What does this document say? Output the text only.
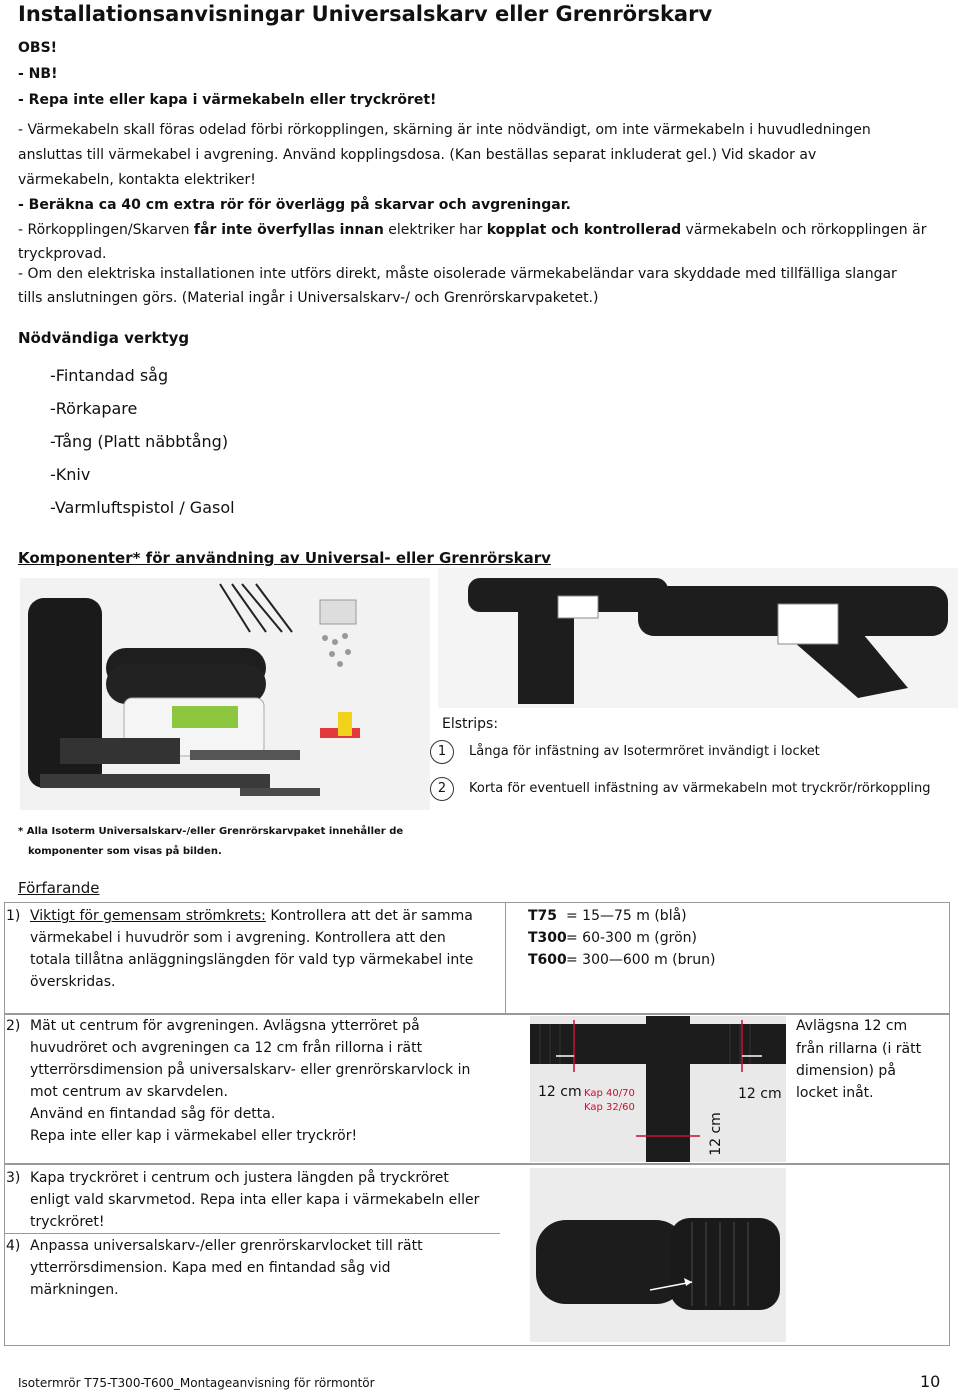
Installationsanvisningar Universalskarv eller Grenrörskarv
OBS!
- NB!
- Repa inte eller kapa i värmekabeln eller tryckröret!
- Värmekabeln skall föras odelad förbi rörkopplingen, skärning är inte nödvändigt, om inte värmekabeln i huvudledningen
ansluttas till värmekabel i avgrening. Använd kopplingsdosa. (Kan beställas separat inkluderat gel.) Vid skador av
värmekabeln, kontakta elektriker!
- Beräkna ca 40 cm extra rör för överlägg på skarvar och avgreningar.
- Rörkopplingen/Skarven får inte överfyllas innan elektriker har kopplat och kontrollerad värmekabeln och rörkopplingen är
tryckprovad.
- Om den elektriska installationen inte utförs direkt, måste oisolerade värmekabeländar vara skyddade med tillfälliga slangar
tills anslutningen görs. (Material ingår i Universalskarv-/ och Grenrörskarvpaketet.)
Nödvändiga verktyg
-Fintandad såg
-Rörkapare
-Tång (Platt näbbtång)
-Kniv
-Varmluftspistol / Gasol
Komponenter* för användning av Universal- eller Grenrörskarv
Elstrips:
1	Långa för infästning av Isotermröret invändigt i locket
2	Korta för eventuell infästning av värmekabeln mot tryckrör/rörkoppling
* Alla Isoterm Universalskarv-/eller Grenrörskarvpaket innehåller de
komponenter som visas på bilden.
Förfarande
1) Viktigt för gemensam strömkrets: Kontrollera att det är samma
värmekabel i huvudrör som i avgrening. Kontrollera att den
totala tillåtna anläggningslängden för vald typ värmekabel inte
överskridas.
T75 = 15—75 m (blå)
T300 = 60-300 m (grön)
T600 = 300—600 m (brun)
2) Mät ut centrum för avgreningen. Avlägsna ytterröret på
huvudröret och avgreningen ca 12 cm från rillorna i rätt
ytterrörsdimension på universalskarv- eller grenrörskarvlock in
mot centrum av skarvdelen.
Använd en fintandad såg för detta.
Repa inte eller kap i värmekabel eller tryckrör!
12 cm Kap 40/70
Kap 32/60
12 cm
12 cm
Avlägsna 12 cm
från rillarna (i rätt
dimension) på
locket inåt.
3) Kapa tryckröret i centrum och justera längden på tryckröret
enligt vald skarvmetod. Repa inta eller kapa i värmekabeln eller
tryckröret!
4) Anpassa universalskarv-/eller grenrörskarvlocket till rätt
ytterrörsdimension. Kapa med en fintandad såg vid
märkningen.
Isotermrör T75-T300-T600_Montageanvisning för rörmontör	10
